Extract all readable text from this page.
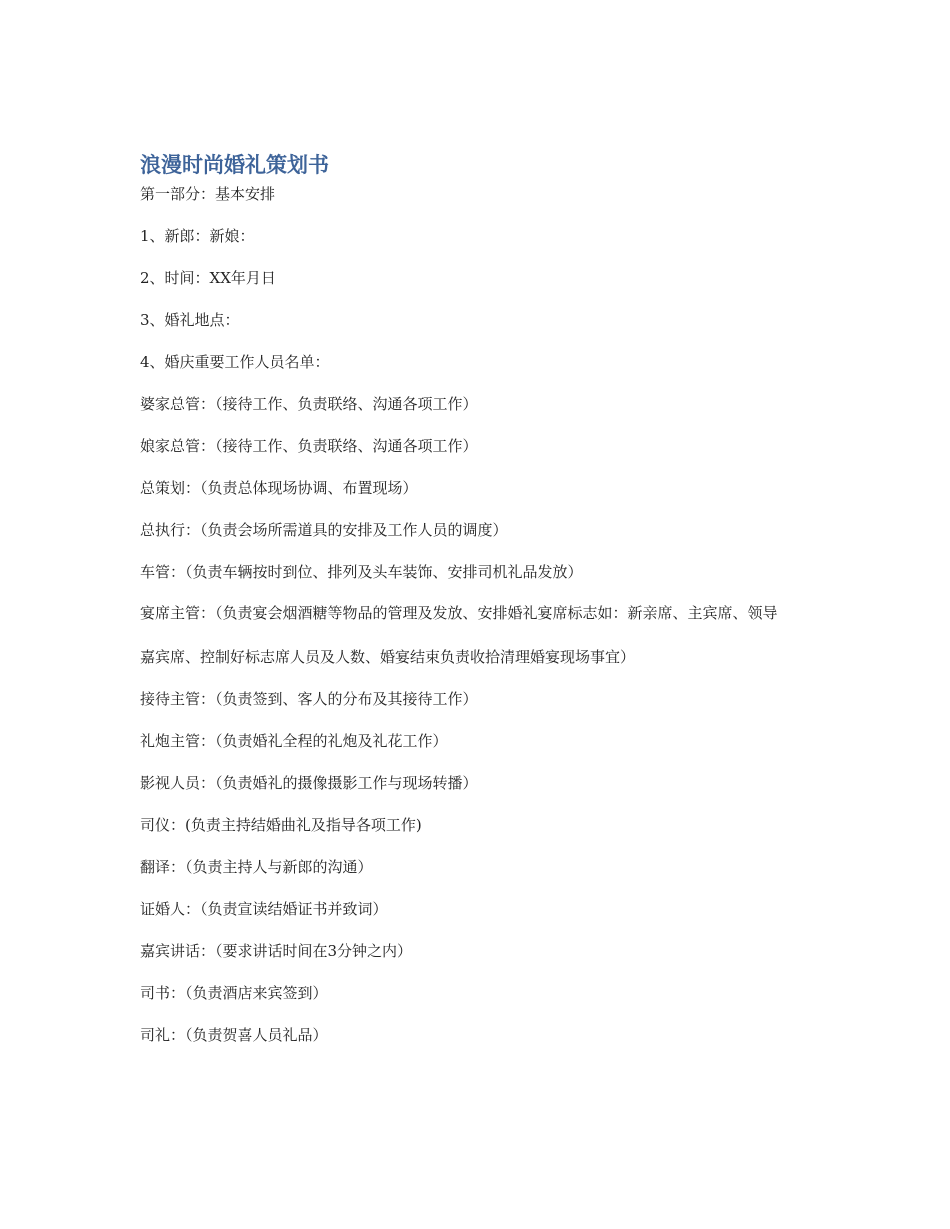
浪漫时尚婚礼策划书

第一部分：基本安排

1、新郎：新娘：

2、时间：XX年月日

3、婚礼地点：

4、婚庆重要工作人员名单：

婆家总管：（接待工作、负责联络、沟通各项工作）

娘家总管：（接待工作、负责联络、沟通各项工作）

总策划：（负责总体现场协调、布置现场）

总执行：（负责会场所需道具的安排及工作人员的调度）

车管：（负责车辆按时到位、排列及头车装饰、安排司机礼品发放）

宴席主管：（负责宴会烟酒糖等物品的管理及发放、安排婚礼宴席标志如：新亲席、主宾席、领导

嘉宾席、控制好标志席人员及人数、婚宴结束负责收拾清理婚宴现场事宜）

接待主管：（负责签到、客人的分布及其接待工作）

礼炮主管：（负责婚礼全程的礼炮及礼花工作）

影视人员：（负责婚礼的摄像摄影工作与现场转播）

司仪：(负责主持结婚曲礼及指导各项工作)

翻译：（负责主持人与新郎的沟通）

证婚人：（负责宣读结婚证书并致词）

嘉宾讲话：（要求讲话时间在3分钟之内）

司书：（负责酒店来宾签到）

司礼：（负责贺喜人员礼品）
